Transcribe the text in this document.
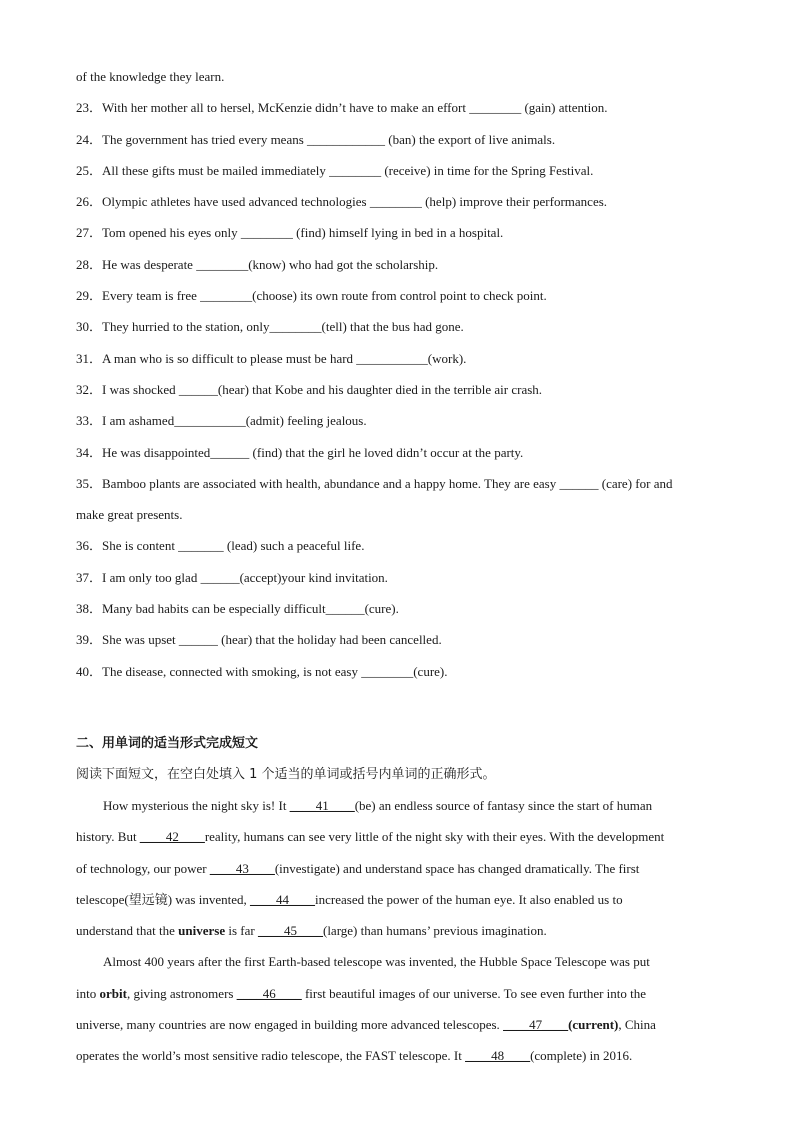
of the knowledge they learn.
23．With her mother all to hersel, McKenzie didn’t have to make an effort ________ (gain) attention.
24．The government has tried every means ____________ (ban) the export of live animals.
25．All these gifts must be mailed immediately ________ (receive) in time for the Spring Festival.
26．Olympic athletes have used advanced technologies ________ (help) improve their performances.
27．Tom opened his eyes only ________ (find) himself lying in bed in a hospital.
28．He was desperate ________(know) who had got the scholarship.
29．Every team is free ________(choose) its own route from control point to check point.
30．They hurried to the station, only________(tell) that the bus had gone.
31．A man who is so difficult to please must be hard ___________(work).
32．I was shocked ______(hear) that Kobe and his daughter died in the terrible air crash.
33．I am ashamed___________(admit) feeling jealous.
34．He was disappointed______ (find) that the girl he loved didn’t occur at the party.
35．Bamboo plants are associated with health, abundance and a happy home. They are easy ______ (care) for and
make great presents.
36．She is content _______ (lead) such a peaceful life.
37．I am only too glad ______(accept)your kind invitation.
38．Many bad habits can be especially difficult______(cure).
39．She was upset ______ (hear) that the holiday had been cancelled.
40．The disease, connected with smoking, is not easy ________(cure).
二、用单词的适当形式完成短文
阅读下面短文，在空白处填入 1 个适当的单词或括号内单词的正确形式。
How mysterious the night sky is! It ____41____(be) an endless source of fantasy since the start of human
history. But ____42____reality, humans can see very little of the night sky with their eyes. With the development
of technology, our power ____43____(investigate) and understand space has changed dramatically. The first
telescope(望远镜) was invented, ____44____increased the power of the human eye. It also enabled us to
understand that the universe is far ____45____(large) than humans’ previous imagination.
Almost 400 years after the first Earth-based telescope was invented, the Hubble Space Telescope was put
into orbit, giving astronomers ____46____ first beautiful images of our universe. To see even further into the
universe, many countries are now engaged in building more advanced telescopes. ____47____(current), China
operates the world’s most sensitive radio telescope, the FAST telescope. It ____48____(complete) in 2016.
